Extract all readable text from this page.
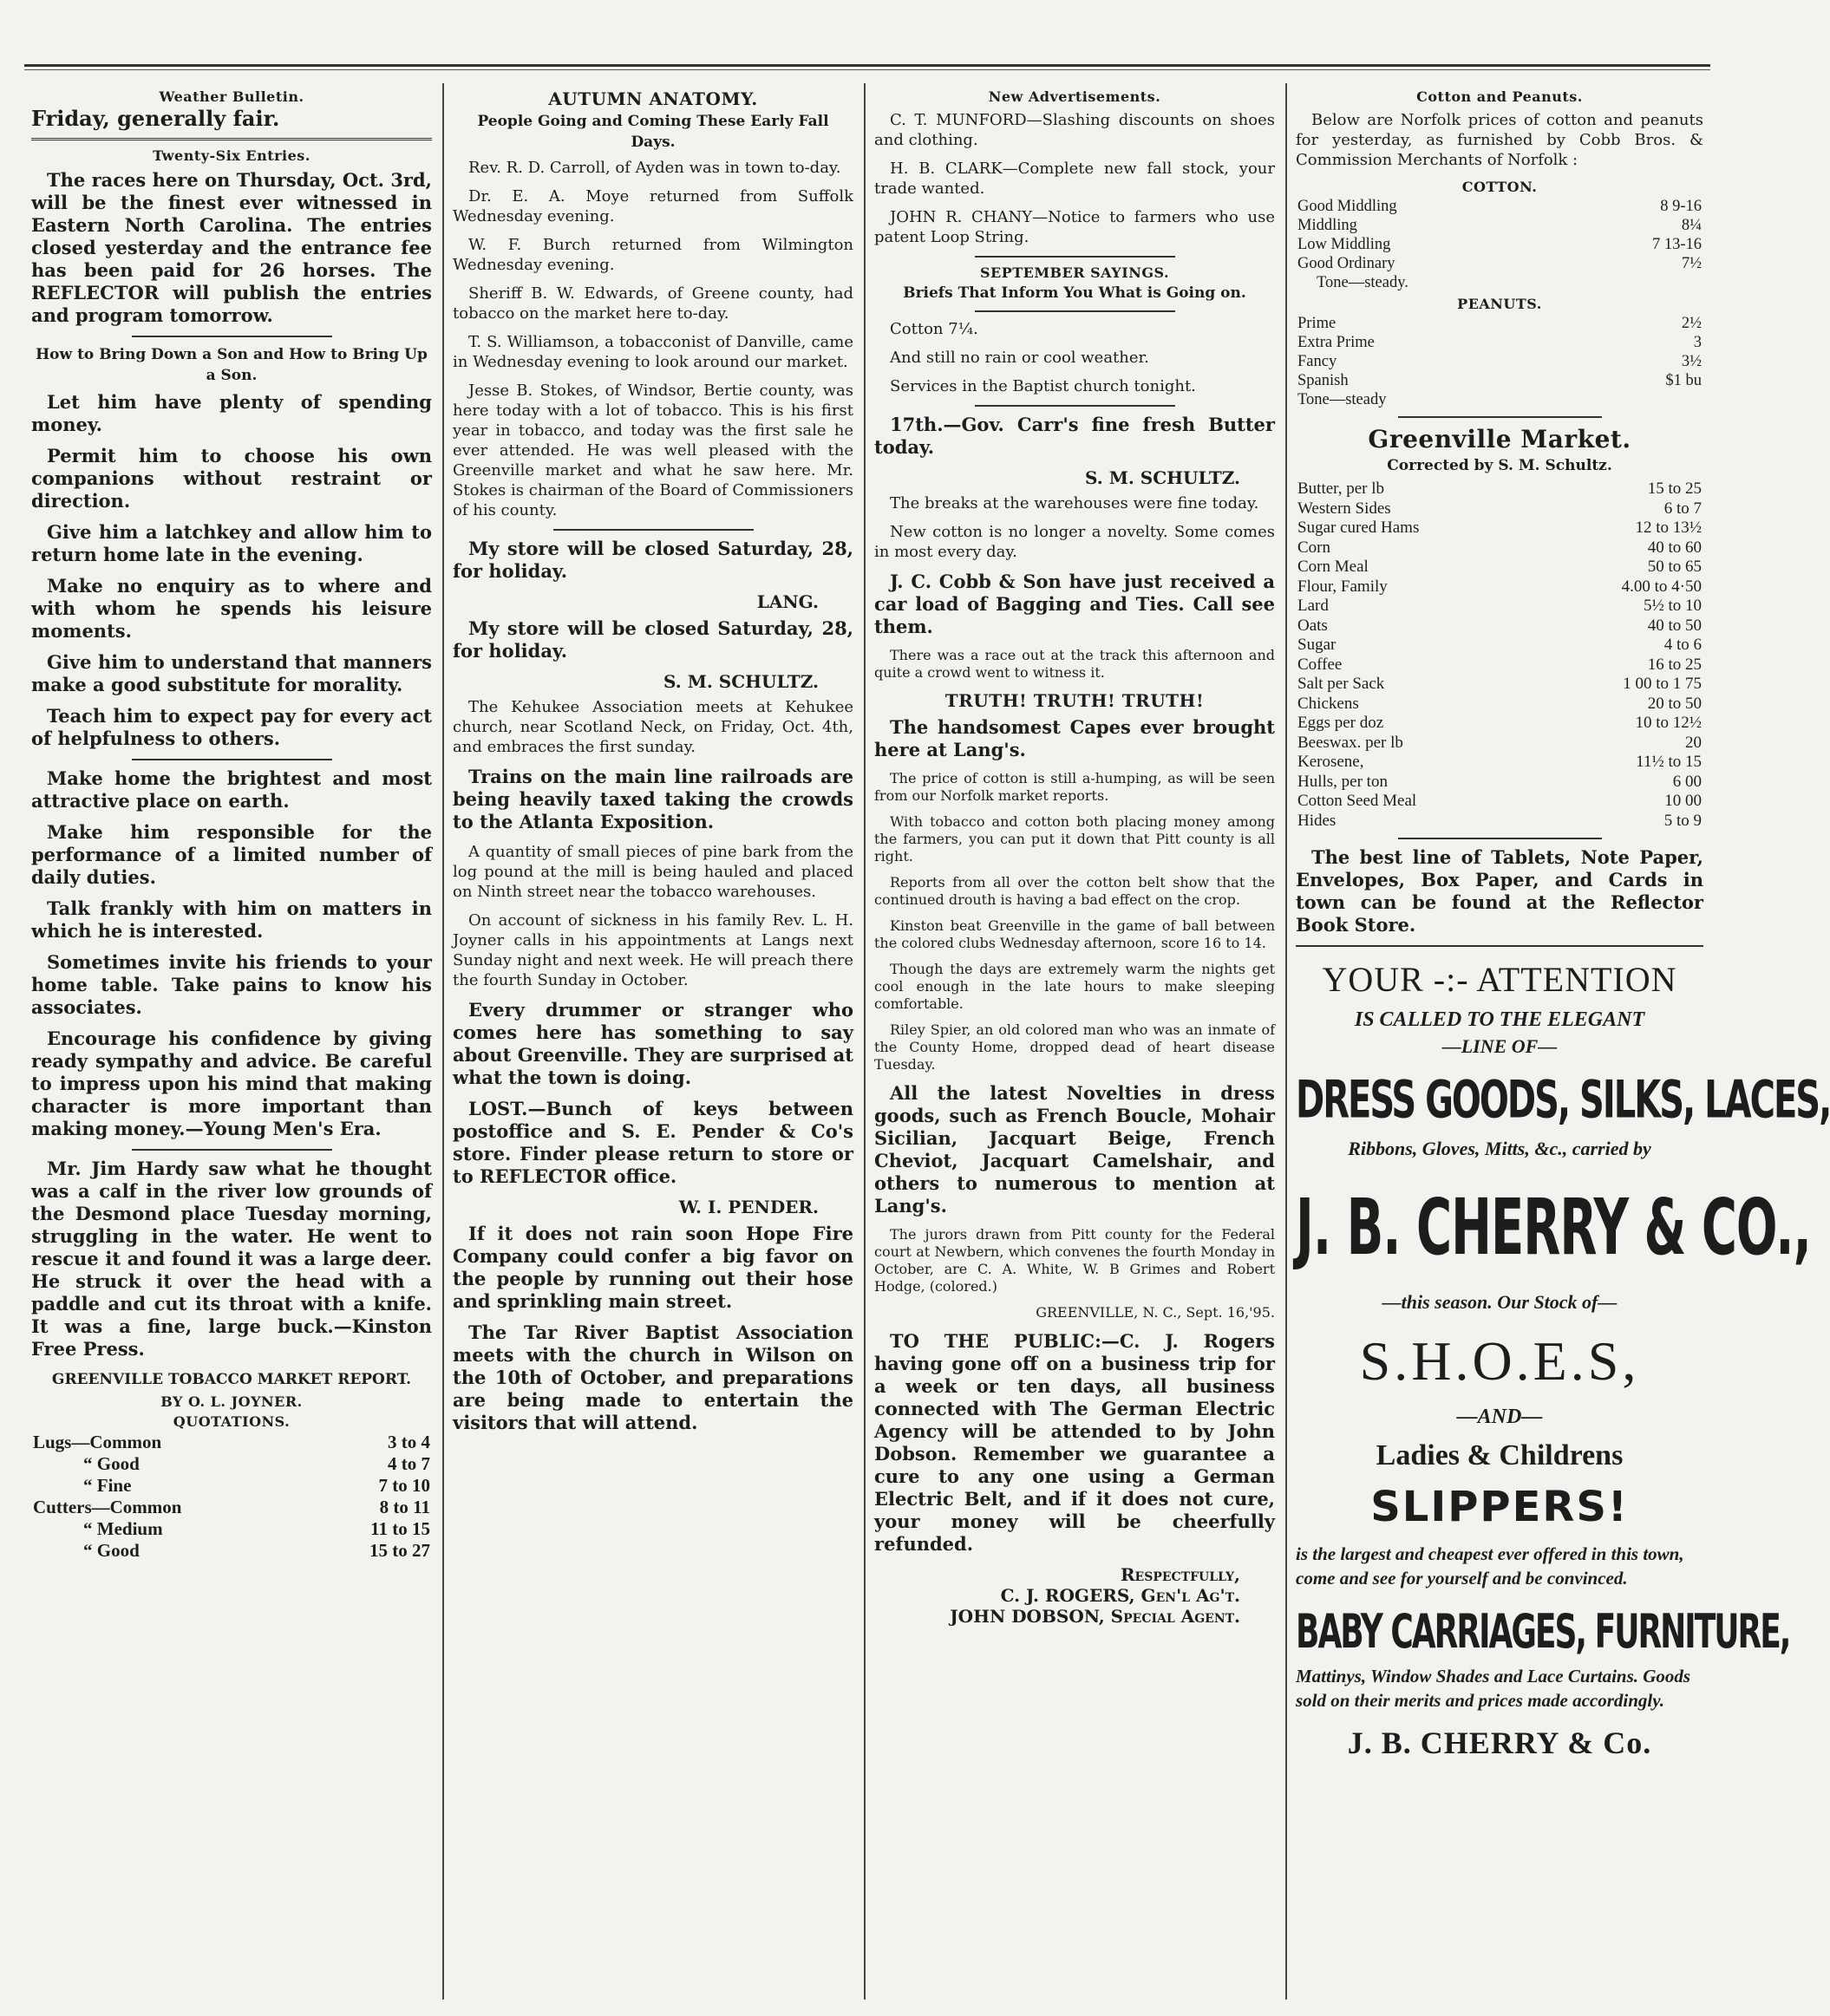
Weather Bulletin.
Friday, generally fair.
Twenty-Six Entries.

The races here on Thursday, Oct. 3rd, will be the finest ever witnessed in Eastern North Carolina. The entries closed yesterday and the entrance fee has been paid for 26 horses. The REFLECTOR will publish the entries and program tomorrow.

How to Bring Down a Son and How to Bring Up a Son.

Let him have plenty of spending money.

Permit him to choose his own companions without restraint or direction.

Give him a latchkey and allow him to return home late in the evening.

Make no enquiry as to where and with whom he spends his leisure moments.

Give him to understand that manners make a good substitute for morality.

Teach him to expect pay for every act of helpfulness to others.

Make home the brightest and most attractive place on earth.

Make him responsible for the performance of a limited number of daily duties.

Talk frankly with him on matters in which he is interested.

Sometimes invite his friends to your home table. Take pains to know his associates.

Encourage his confidence by giving ready sympathy and advice. Be careful to impress upon his mind that making character is more important than making money.—Young Men's Era.

Mr. Jim Hardy saw what he thought was a calf in the river low grounds of the Desmond place Tuesday morning, struggling in the water. He went to rescue it and found it was a large deer. He struck it over the head with a paddle and cut its throat with a knife. It was a fine, large buck.—Kinston Free Press.

GREENVILLE TOBACCO MARKET REPORT.
BY O. L. JOYNER.
QUOTATIONS.
Lugs—Common	3 to 4
“ Good	4 to 7
“ Fine	7 to 10
Cutters—Common	8 to 11
“ Medium	11 to 15
“ Good	15 to 27
AUTUMN ANATOMY.
People Going and Coming These Early Fall Days.

Rev. R. D. Carroll, of Ayden was in town to-day.

Dr. E. A. Moye returned from Suffolk Wednesday evening.

W. F. Burch returned from Wilmington Wednesday evening.

Sheriff B. W. Edwards, of Greene county, had tobacco on the market here to-day.

T. S. Williamson, a tobacconist of Danville, came in Wednesday evening to look around our market.

Jesse B. Stokes, of Windsor, Bertie county, was here today with a lot of tobacco. This is his first year in tobacco, and today was the first sale he ever attended. He was well pleased with the Greenville market and what he saw here. Mr. Stokes is chairman of the Board of Commissioners of his county.

My store will be closed Saturday, 28, for holiday.

LANG.

My store will be closed Saturday, 28, for holiday.

S. M. SCHULTZ.

The Kehukee Association meets at Kehukee church, near Scotland Neck, on Friday, Oct. 4th, and embraces the first sunday.

Trains on the main line railroads are being heavily taxed taking the crowds to the Atlanta Exposition.

A quantity of small pieces of pine bark from the log pound at the mill is being hauled and placed on Ninth street near the tobacco warehouses.

On account of sickness in his family Rev. L. H. Joyner calls in his appointments at Langs next Sunday night and next week. He will preach there the fourth Sunday in October.

Every drummer or stranger who comes here has something to say about Greenville. They are surprised at what the town is doing.

LOST.—Bunch of keys between postoffice and S. E. Pender & Co's store. Finder please return to store or to REFLECTOR office.

W. I. PENDER.

If it does not rain soon Hope Fire Company could confer a big favor on the people by running out their hose and sprinkling main street.

The Tar River Baptist Association meets with the church in Wilson on the 10th of October, and preparations are being made to entertain the visitors that will attend.

New Advertisements.

C. T. MUNFORD—Slashing discounts on shoes and clothing.

H. B. CLARK—Complete new fall stock, your trade wanted.

JOHN R. CHANY—Notice to farmers who use patent Loop String.

SEPTEMBER SAYINGS.
Briefs That Inform You What is Going on.

Cotton 7¼.

And still no rain or cool weather.

Services in the Baptist church tonight.

17th.—Gov. Carr's fine fresh Butter today.

S. M. SCHULTZ.

The breaks at the warehouses were fine today.

New cotton is no longer a novelty. Some comes in most every day.

J. C. Cobb & Son have just received a car load of Bagging and Ties. Call see them.

There was a race out at the track this afternoon and quite a crowd went to witness it.

TRUTH! TRUTH! TRUTH!

The handsomest Capes ever brought here at Lang's.

The price of cotton is still a-humping, as will be seen from our Norfolk market reports.

With tobacco and cotton both placing money among the farmers, you can put it down that Pitt county is all right.

Reports from all over the cotton belt show that the continued drouth is having a bad effect on the crop.

Kinston beat Greenville in the game of ball between the colored clubs Wednesday afternoon, score 16 to 14.

Though the days are extremely warm the nights get cool enough in the late hours to make sleeping comfortable.

Riley Spier, an old colored man who was an inmate of the County Home, dropped dead of heart disease Tuesday.

All the latest Novelties in dress goods, such as French Boucle, Mohair Sicilian, Jacquart Beige, French Cheviot, Jacquart Camelshair, and others to numerous to mention at Lang's.

The jurors drawn from Pitt county for the Federal court at Newbern, which convenes the fourth Monday in October, are C. A. White, W. B Grimes and Robert Hodge, (colored.)

GREENVILLE, N. C., Sept. 16,'95.

TO THE PUBLIC:—C. J. Rogers having gone off on a business trip for a week or ten days, all business connected with The German Electric Agency will be attended to by John Dobson. Remember we guarantee a cure to any one using a German Electric Belt, and if it does not cure, your money will be cheerfully refunded.

Respectfully,
C. J. ROGERS, Gen'l Ag't.
JOHN DOBSON, Special Agent.
Cotton and Peanuts.

Below are Norfolk prices of cotton and peanuts for yesterday, as furnished by Cobb Bros. & Commission Merchants of Norfolk :

COTTON.
Good Middling	8 9-16
Middling	8¼
Low Middling	7 13-16
Good Ordinary	7½
Tone—steady.	
PEANUTS.
Prime	2½
Extra Prime	3
Fancy	3½
Spanish	$1 bu
Tone—steady	
Greenville Market.
Corrected by S. M. Schultz.
Butter, per lb	15 to 25
Western Sides	6 to 7
Sugar cured Hams	12 to 13½
Corn	40 to 60
Corn Meal	50 to 65
Flour, Family	4.00 to 4·50
Lard	5½ to 10
Oats	40 to 50
Sugar	4 to 6
Coffee	16 to 25
Salt per Sack	1 00 to 1 75
Chickens	20 to 50
Eggs per doz	10 to 12½
Beeswax. per lb	20
Kerosene,	11½ to 15
Hulls, per ton	6 00
Cotton Seed Meal	10 00
Hides	5 to 9

The best line of Tablets, Note Paper, Envelopes, Box Paper, and Cards in town can be found at the Reflector Book Store.

YOUR -:- ATTENTION
IS CALLED TO THE ELEGANT
—LINE OF—
DRESS GOODS, SILKS, LACES,
Ribbons, Gloves, Mitts, &c., carried by
J. B. CHERRY & CO.,
—this season. Our Stock of—
S.H.O.E.S,
—AND—
Ladies & Childrens
SLIPPERS!
is the largest and cheapest ever offered in this town, come and see for yourself and be convinced.
BABY CARRIAGES, FURNITURE,
Mattinys, Window Shades and Lace Curtains. Goods sold on their merits and prices made accordingly.
J. B. CHERRY & Co.
